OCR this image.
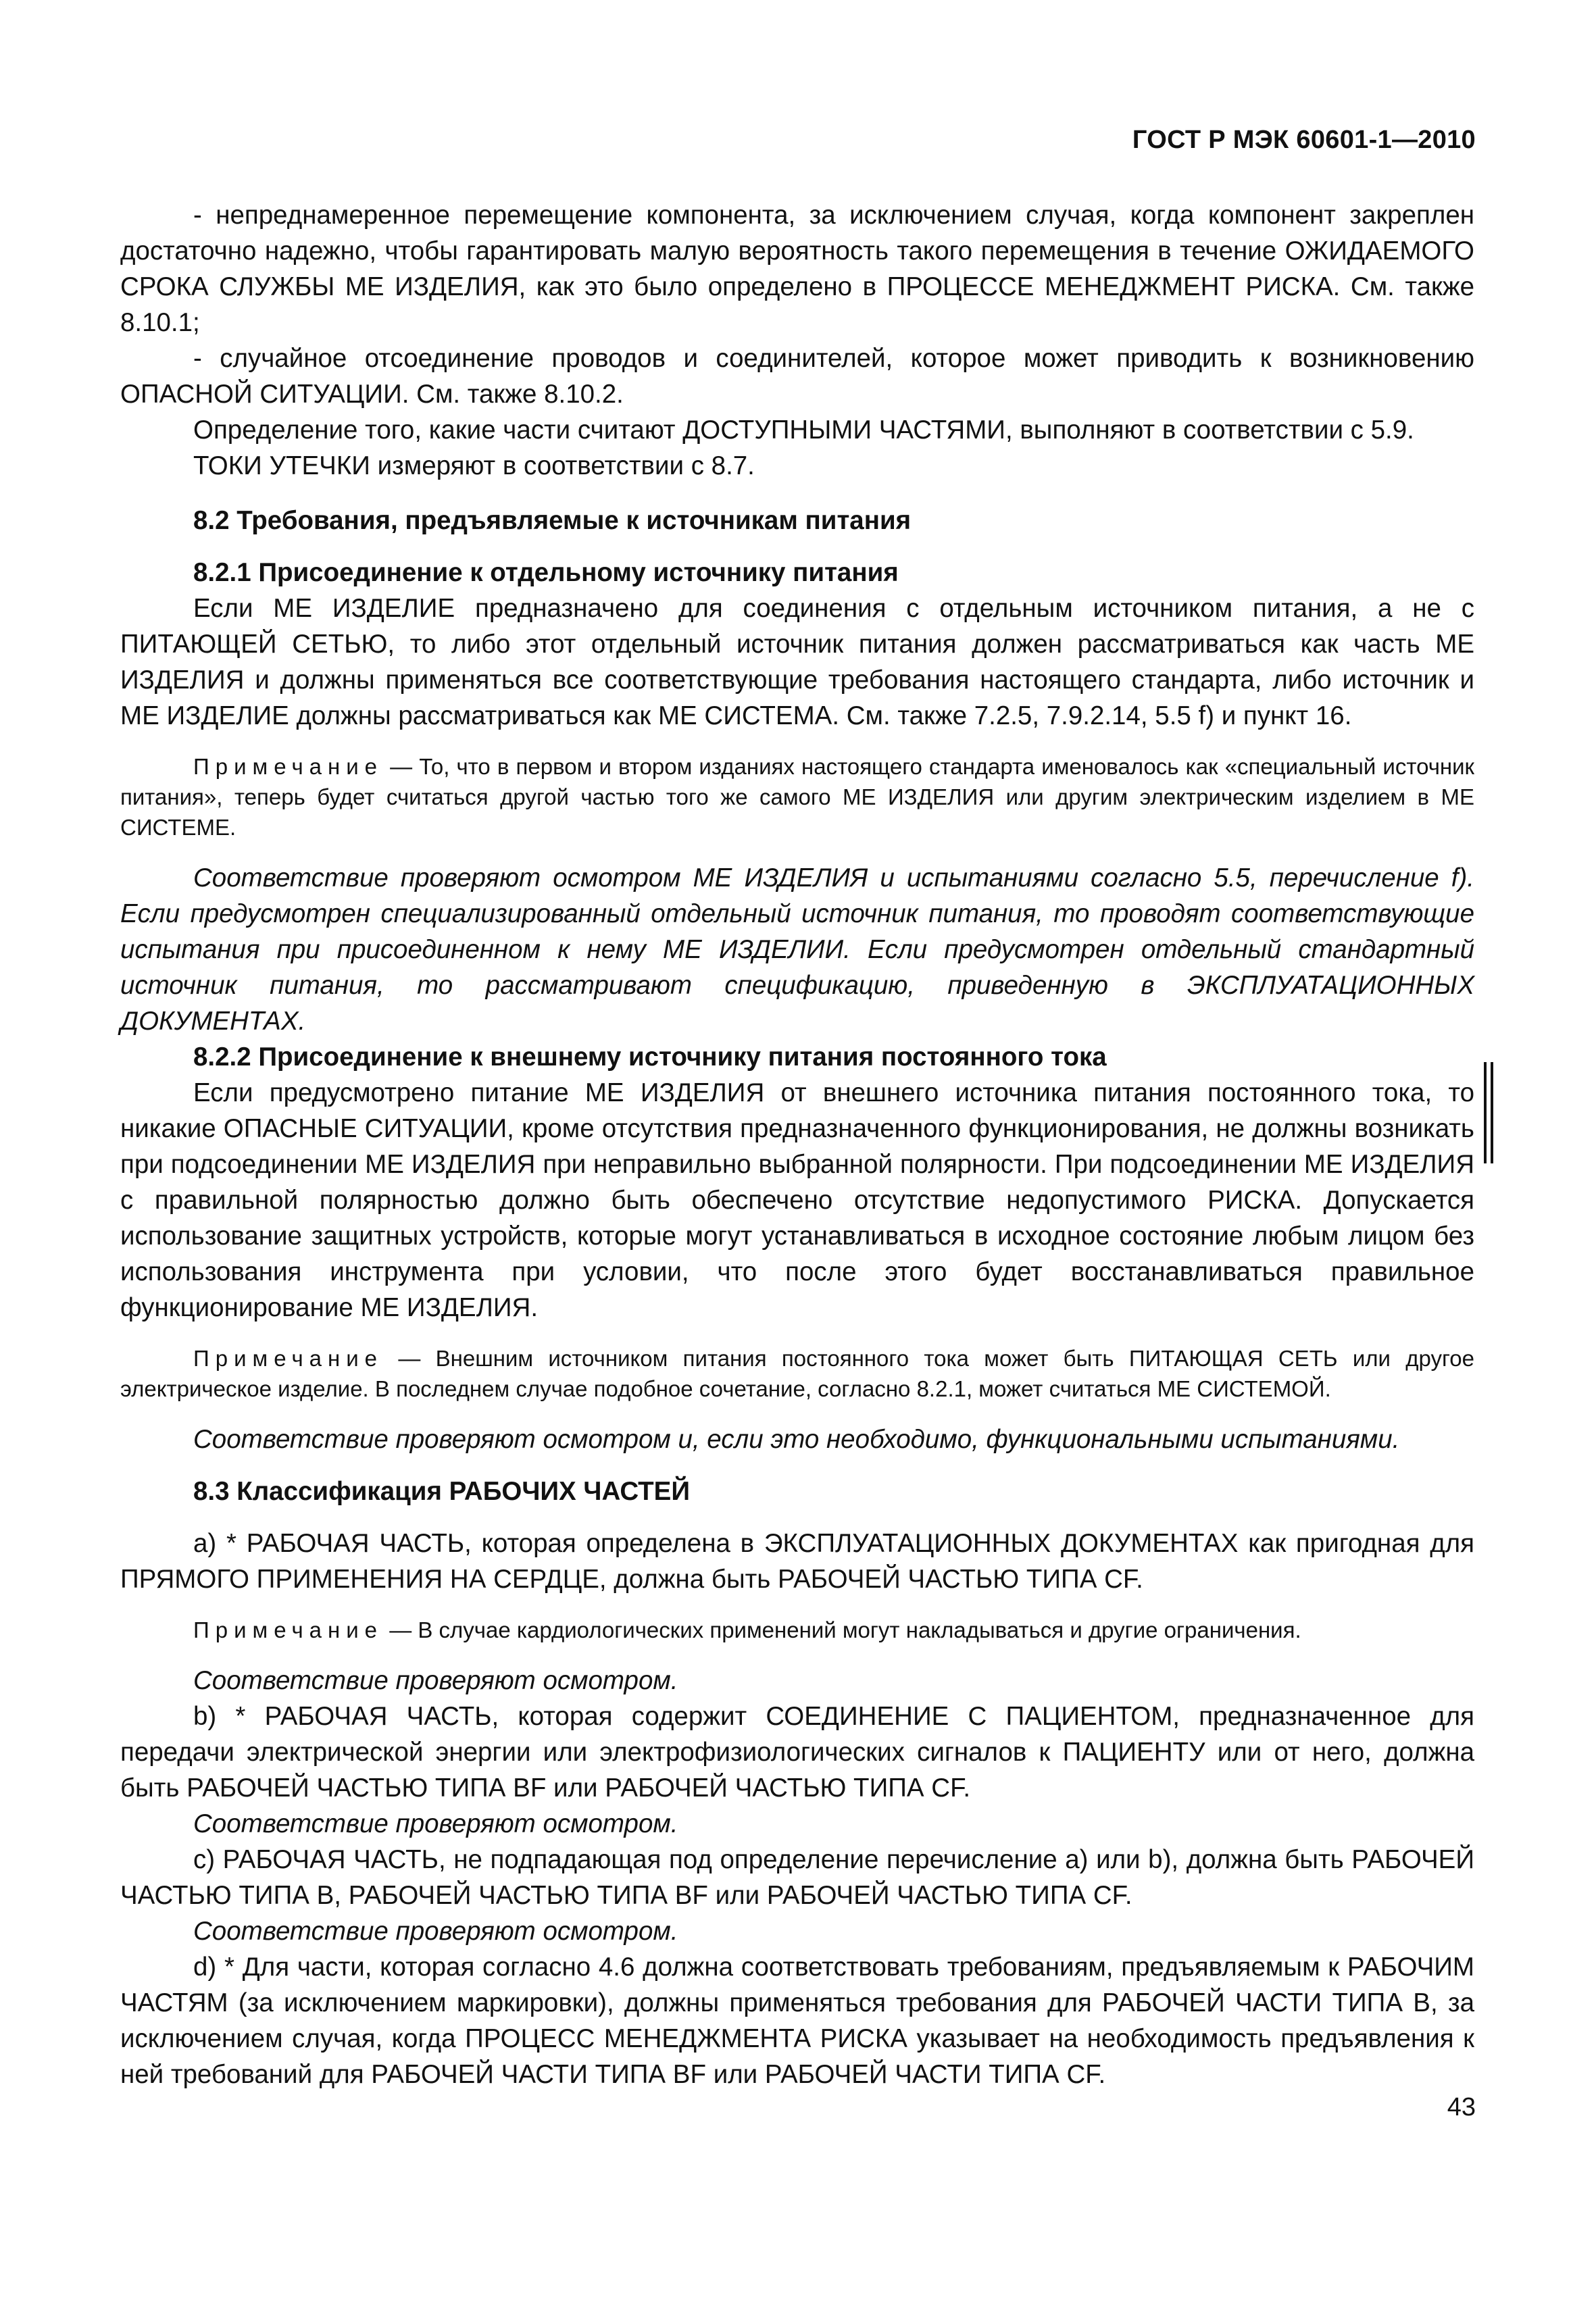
ГОСТ Р МЭК 60601-1—2010

- непреднамеренное перемещение компонента, за исключением случая, когда компонент закреплен достаточно надежно, чтобы гарантировать малую вероятность такого перемещения в течение ОЖИДАЕМОГО СРОКА СЛУЖБЫ МЕ ИЗДЕЛИЯ, как это было определено в ПРОЦЕССЕ МЕНЕДЖМЕНТ РИСКА. См. также 8.10.1;

- случайное отсоединение проводов и соединителей, которое может приводить к возникновению ОПАСНОЙ СИТУАЦИИ. См. также 8.10.2.

Определение того, какие части считают ДОСТУПНЫМИ ЧАСТЯМИ, выполняют в соответствии с 5.9.

ТОКИ УТЕЧКИ измеряют в соответствии с 8.7.

8.2 Требования, предъявляемые к источникам питания

8.2.1 Присоединение к отдельному источнику питания

Если МЕ ИЗДЕЛИЕ предназначено для соединения с отдельным источником питания, а не с ПИТАЮЩЕЙ СЕТЬЮ, то либо этот отдельный источник питания должен рассматриваться как часть МЕ ИЗДЕЛИЯ и должны применяться все соответствующие требования настоящего стандарта, либо источник и МЕ ИЗДЕЛИЕ должны рассматриваться как МЕ СИСТЕМА. См. также 7.2.5, 7.9.2.14, 5.5 f) и пункт 16.

Примечание — То, что в первом и втором изданиях настоящего стандарта именовалось как «специальный источник питания», теперь будет считаться другой частью того же самого МЕ ИЗДЕЛИЯ или другим электрическим изделием в МЕ СИСТЕМЕ.

Соответствие проверяют осмотром МЕ ИЗДЕЛИЯ и испытаниями согласно 5.5, перечисление f). Если предусмотрен специализированный отдельный источник питания, то проводят соответствующие испытания при присоединенном к нему МЕ ИЗДЕЛИИ. Если предусмотрен отдельный стандартный источник питания, то рассматривают спецификацию, приведенную в ЭКСПЛУАТАЦИОННЫХ ДОКУМЕНТАХ.

8.2.2 Присоединение к внешнему источнику питания постоянного тока

Если предусмотрено питание МЕ ИЗДЕЛИЯ от внешнего источника питания постоянного тока, то никакие ОПАСНЫЕ СИТУАЦИИ, кроме отсутствия предназначенного функционирования, не должны возникать при подсоединении МЕ ИЗДЕЛИЯ при неправильно выбранной полярности. При подсоединении МЕ ИЗДЕЛИЯ с правильной полярностью должно быть обеспечено отсутствие недопустимого РИСКА. Допускается использование защитных устройств, которые могут устанавливаться в исходное состояние любым лицом без использования инструмента при условии, что после этого будет восстанавливаться правильное функционирование МЕ ИЗДЕЛИЯ.

Примечание — Внешним источником питания постоянного тока может быть ПИТАЮЩАЯ СЕТЬ или другое электрическое изделие. В последнем случае подобное сочетание, согласно 8.2.1, может считаться МЕ СИСТЕМОЙ.

Соответствие проверяют осмотром и, если это необходимо, функциональными испытаниями.

8.3 Классификация РАБОЧИХ ЧАСТЕЙ

a) * РАБОЧАЯ ЧАСТЬ, которая определена в ЭКСПЛУАТАЦИОННЫХ ДОКУМЕНТАХ как пригодная для ПРЯМОГО ПРИМЕНЕНИЯ НА СЕРДЦЕ, должна быть РАБОЧЕЙ ЧАСТЬЮ ТИПА CF.

Примечание — В случае кардиологических применений могут накладываться и другие ограничения.

Соответствие проверяют осмотром.

b) * РАБОЧАЯ ЧАСТЬ, которая содержит СОЕДИНЕНИЕ С ПАЦИЕНТОМ, предназначенное для передачи электрической энергии или электрофизиологических сигналов к ПАЦИЕНТУ или от него, должна быть РАБОЧЕЙ ЧАСТЬЮ ТИПА BF или РАБОЧЕЙ ЧАСТЬЮ ТИПА CF.

Соответствие проверяют осмотром.

c) РАБОЧАЯ ЧАСТЬ, не подпадающая под определение перечисление а) или b), должна быть РАБОЧЕЙ ЧАСТЬЮ ТИПА В, РАБОЧЕЙ ЧАСТЬЮ ТИПА BF или РАБОЧЕЙ ЧАСТЬЮ ТИПА CF.

Соответствие проверяют осмотром.

d) * Для части, которая согласно 4.6 должна соответствовать требованиям, предъявляемым к РАБОЧИМ ЧАСТЯМ (за исключением маркировки), должны применяться требования для РАБОЧЕЙ ЧАСТИ ТИПА В, за исключением случая, когда ПРОЦЕСС МЕНЕДЖМЕНТА РИСКА указывает на необходимость предъявления к ней требований для РАБОЧЕЙ ЧАСТИ ТИПА BF или РАБОЧЕЙ ЧАСТИ ТИПА CF.

43
